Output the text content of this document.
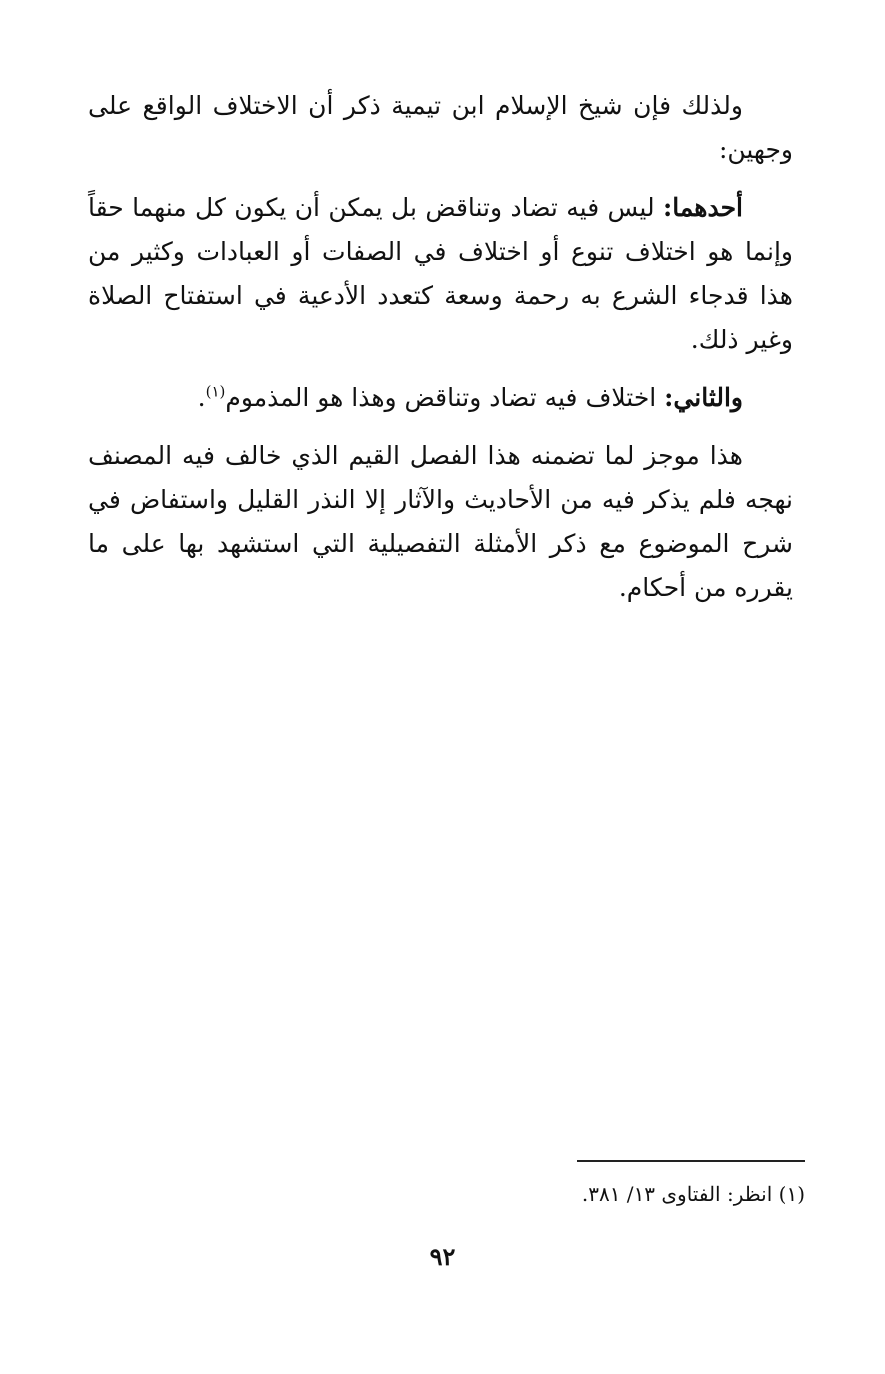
ولذلك فإن شيخ الإسلام ابن تيمية ذكر أن الاختلاف الواقع على وجهين:

أحدهما: ليس فيه تضاد وتناقض بل يمكن أن يكون كل منهما حقاً وإنما هو اختلاف تنوع أو اختلاف في الصفات أو العبادات وكثير من هذا قدجاء الشرع به رحمة وسعة كتعدد الأدعية في استفتاح الصلاة وغير ذلك.

والثاني: اختلاف فيه تضاد وتناقض وهذا هو المذموم$^{(١)}$.

هذا موجز لما تضمنه هذا الفصل القيم الذي خالف فيه المصنف نهجه فلم يذكر فيه من الأحاديث والآثار إلا النذر القليل واستفاض في شرح الموضوع مع ذكر الأمثلة التفصيلية التي استشهد بها على ما يقرره من أحكام.

(١) انظر: الفتاوى ١٣/ ٣٨١.
٩٢
